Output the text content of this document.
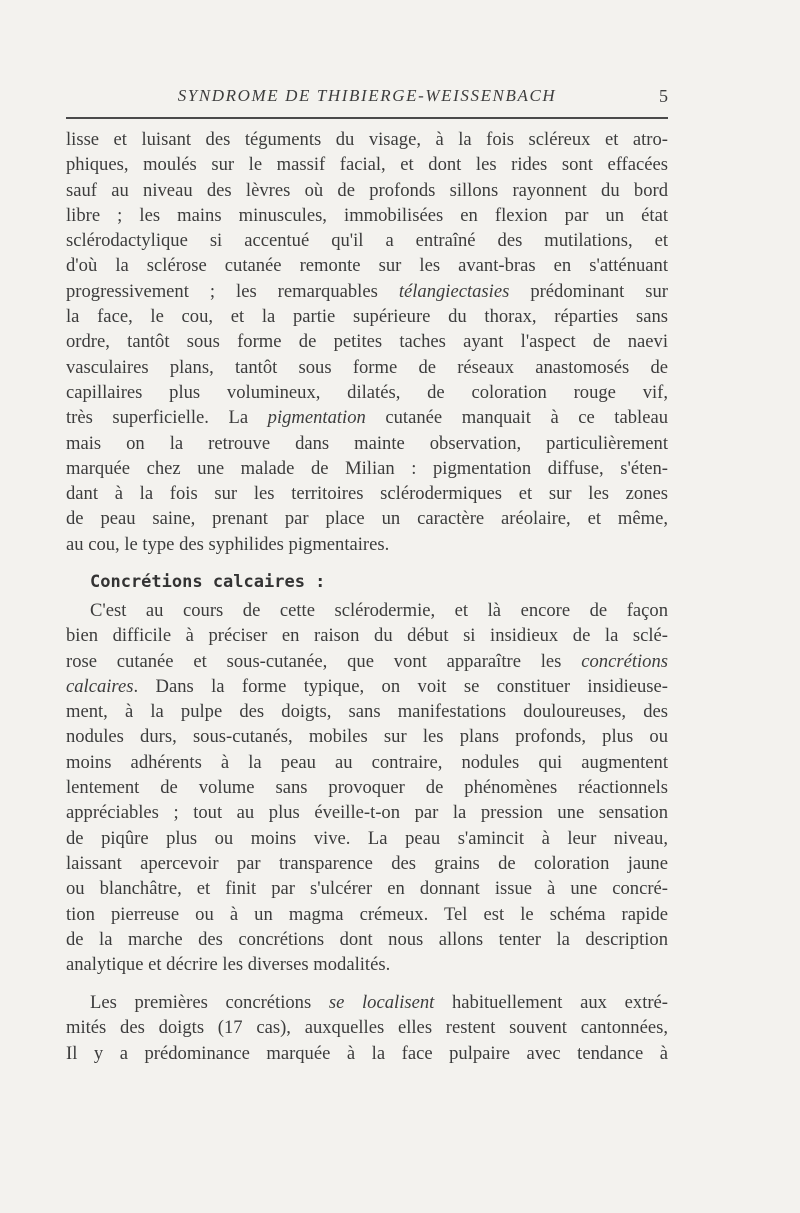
SYNDROME DE THIBIERGE-WEISSENBACH	5
lisse et luisant des téguments du visage, à la fois scléreux et atro-
phiques, moulés sur le massif facial, et dont les rides sont effacées
sauf au niveau des lèvres où de profonds sillons rayonnent du bord
libre ; les mains minuscules, immobilisées en flexion par un état
sclérodactylique si accentué qu'il a entraîné des mutilations, et
d'où la sclérose cutanée remonte sur les avant-bras en s'atténuant
progressivement ; les remarquables télangiectasies prédominant sur
la face, le cou, et la partie supérieure du thorax, réparties sans
ordre, tantôt sous forme de petites taches ayant l'aspect de naevi
vasculaires plans, tantôt sous forme de réseaux anastomosés de
capillaires plus volumineux, dilatés, de coloration rouge vif,
très superficielle. La pigmentation cutanée manquait à ce tableau
mais on la retrouve dans mainte observation, particulièrement
marquée chez une malade de Milian : pigmentation diffuse, s'éten-
dant à la fois sur les territoires sclérodermiques et sur les zones
de peau saine, prenant par place un caractère aréolaire, et même,
au cou, le type des syphilides pigmentaires.
Concrétions calcaires :
C'est au cours de cette sclérodermie, et là encore de façon
bien difficile à préciser en raison du début si insidieux de la sclé-
rose cutanée et sous-cutanée, que vont apparaître les concrétions
calcaires. Dans la forme typique, on voit se constituer insidieuse-
ment, à la pulpe des doigts, sans manifestations douloureuses, des
nodules durs, sous-cutanés, mobiles sur les plans profonds, plus ou
moins adhérents à la peau au contraire, nodules qui augmentent
lentement de volume sans provoquer de phénomènes réactionnels
appréciables ; tout au plus éveille-t-on par la pression une sensation
de piqûre plus ou moins vive. La peau s'amincit à leur niveau,
laissant apercevoir par transparence des grains de coloration jaune
ou blanchâtre, et finit par s'ulcérer en donnant issue à une concré-
tion pierreuse ou à un magma crémeux. Tel est le schéma rapide
de la marche des concrétions dont nous allons tenter la description
analytique et décrire les diverses modalités.
Les premières concrétions se localisent habituellement aux extré-
mités des doigts (17 cas), auxquelles elles restent souvent cantonnées,
Il y a prédominance marquée à la face pulpaire avec tendance à
